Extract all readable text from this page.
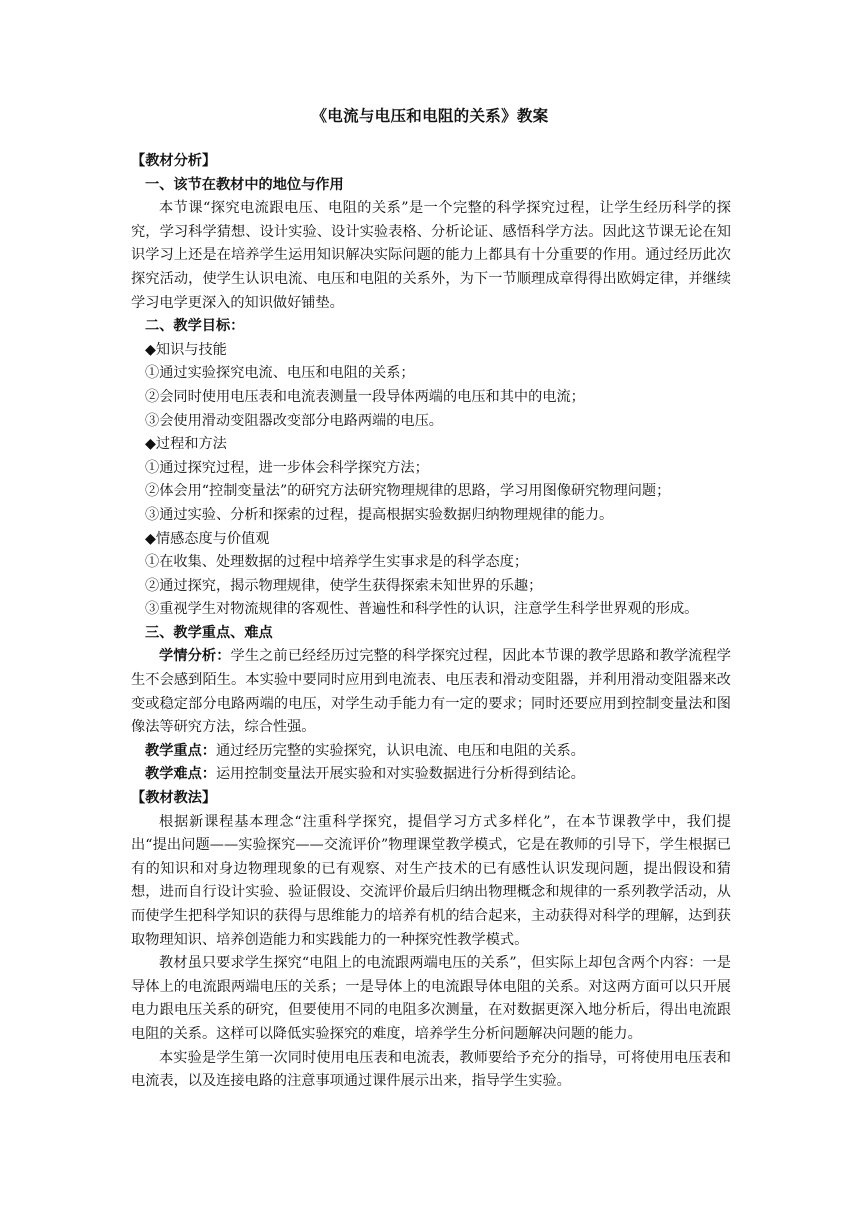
《电流与电压和电阻的关系》教案

【教材分析】

一、该节在教材中的地位与作用

本节课“探究电流跟电压、电阻的关系”是一个完整的科学探究过程，让学生经历科学的探究，学习科学猜想、设计实验、设计实验表格、分析论证、感悟科学方法。因此这节课无论在知识学习上还是在培养学生运用知识解决实际问题的能力上都具有十分重要的作用。通过经历此次探究活动，使学生认识电流、电压和电阻的关系外，为下一节顺理成章得得出欧姆定律，并继续学习电学更深入的知识做好铺垫。

二、教学目标：

◆知识与技能

①通过实验探究电流、电压和电阻的关系；

②会同时使用电压表和电流表测量一段导体两端的电压和其中的电流；

③会使用滑动变阻器改变部分电路两端的电压。

◆过程和方法

①通过探究过程，进一步体会科学探究方法；

②体会用“控制变量法”的研究方法研究物理规律的思路，学习用图像研究物理问题；

③通过实验、分析和探索的过程，提高根据实验数据归纳物理规律的能力。

◆情感态度与价值观

①在收集、处理数据的过程中培养学生实事求是的科学态度；

②通过探究，揭示物理规律，使学生获得探索未知世界的乐趣；

③重视学生对物流规律的客观性、普遍性和科学性的认识，注意学生科学世界观的形成。

三、教学重点、难点

学情分析：学生之前已经经历过完整的科学探究过程，因此本节课的教学思路和教学流程学生不会感到陌生。本实验中要同时应用到电流表、电压表和滑动变阻器，并利用滑动变阻器来改变或稳定部分电路两端的电压，对学生动手能力有一定的要求；同时还要应用到控制变量法和图像法等研究方法，综合性强。

教学重点：通过经历完整的实验探究，认识电流、电压和电阻的关系。

教学难点：运用控制变量法开展实验和对实验数据进行分析得到结论。

【教材教法】

根据新课程基本理念“注重科学探究，提倡学习方式多样化”，在本节课教学中，我们提出“提出问题——实验探究——交流评价”物理课堂教学模式，它是在教师的引导下，学生根据已有的知识和对身边物理现象的已有观察、对生产技术的已有感性认识发现问题，提出假设和猜想，进而自行设计实验、验证假设、交流评价最后归纳出物理概念和规律的一系列教学活动，从而使学生把科学知识的获得与思维能力的培养有机的结合起来，主动获得对科学的理解，达到获取物理知识、培养创造能力和实践能力的一种探究性教学模式。

教材虽只要求学生探究“电阻上的电流跟两端电压的关系”，但实际上却包含两个内容：一是导体上的电流跟两端电压的关系；一是导体上的电流跟导体电阻的关系。对这两方面可以只开展电力跟电压关系的研究，但要使用不同的电阻多次测量，在对数据更深入地分析后，得出电流跟电阻的关系。这样可以降低实验探究的难度，培养学生分析问题解决问题的能力。

本实验是学生第一次同时使用电压表和电流表，教师要给予充分的指导，可将使用电压表和电流表，以及连接电路的注意事项通过课件展示出来，指导学生实验。
